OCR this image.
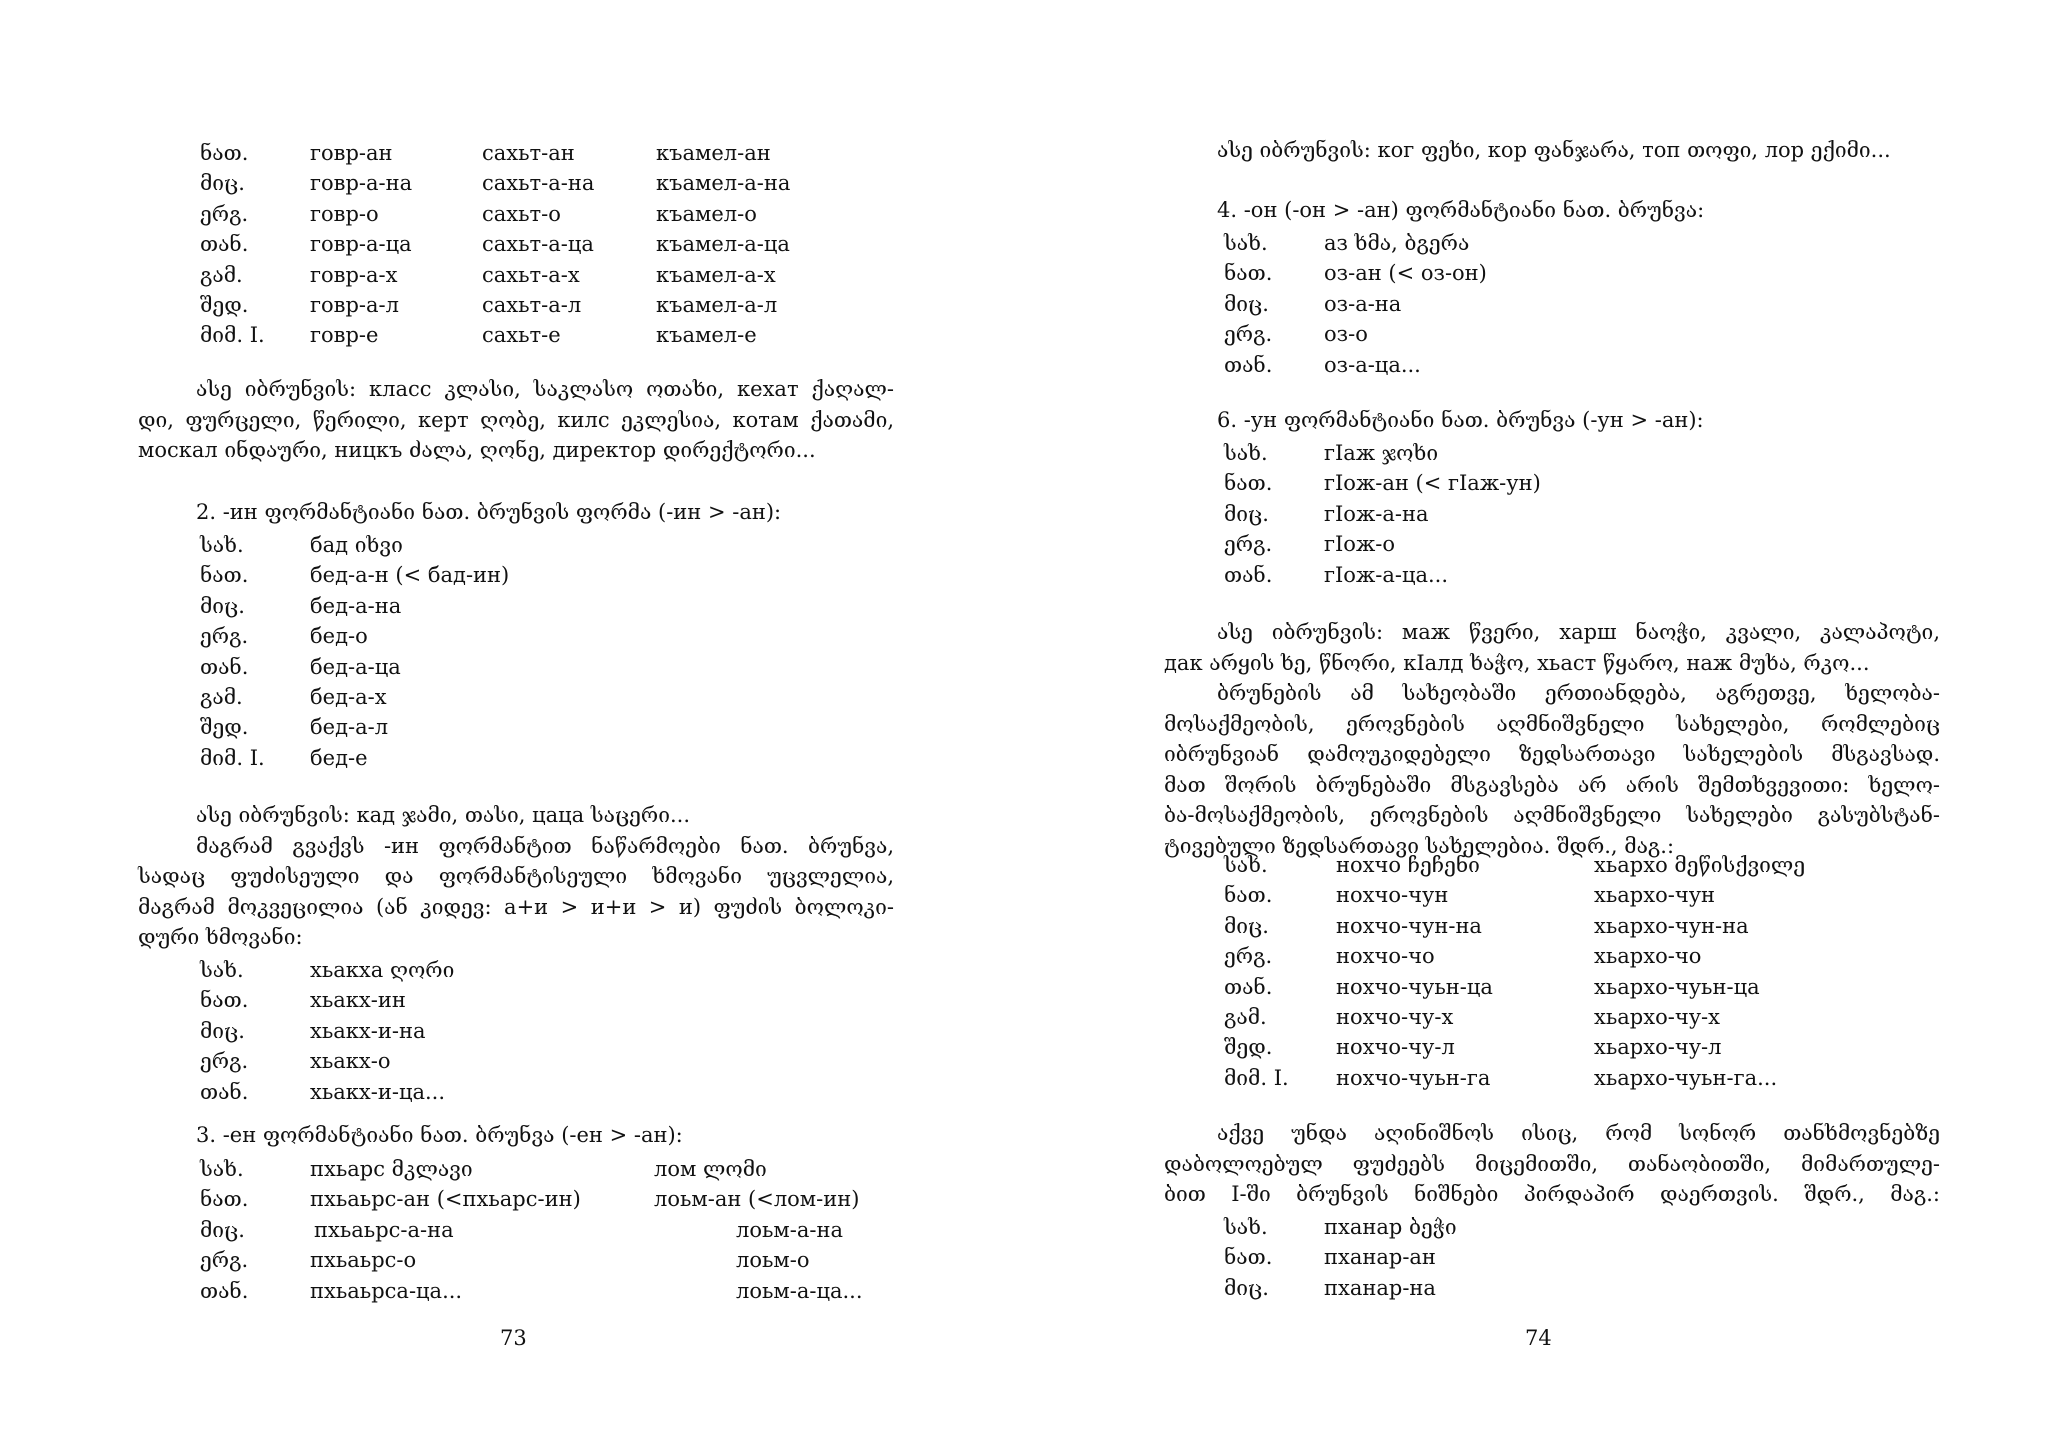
ნათ.	говр-ан	сахьт-ан	къамел-ан
მიც.	говр-а-на	сахьт-а-на	къамел-а-на
ერგ.	говр-о	сахьт-о	къамел-о
თან.	говр-а-ца	сахьт-а-ца	къамел-а-ца
გამ.	говр-а-х	сахьт-а-х	къамел-а-х
შედ.	говр-а-л	сахьт-а-л	къамел-а-л
მიმ. I. говр-е	сахьт-е	къамел-е
ასე იბრუნვის: класс კლასი, საკლასო ოთახი, кехат ქაღალ-
დი, ფურცელი, წერილი, керт ღობე, килс ეკლესია, котам ქათამი,
москал ინდაური, ницкъ ძალა, ღონე, директор დირექტორი...
2. -ин ფორმანტიანი ნათ. ბრუნვის ფორმა (-ин > -ан):
სახ.	бад იხვი
ნათ.	бед-а-н (< бад-ин)
მიც.	бед-а-на
ერგ.	бед-о
თან.	бед-а-ца
გამ.	бед-а-х
შედ.	бед-а-л
მიმ. I. бед-е
ასე იბრუნვის: кад ჯამი, თასი, цаца საცერი...
მაგრამ გვაქვს -ин ფორმანტით ნაწარმოები ნათ. ბრუნვა,
სადაც ფუძისეული და ფორმანტისეული ხმოვანი უცვლელია,
მაგრამ მოკვეცილია (ან კიდევ: а+и > и+и > и) ფუძის ბოლოკი-
დური ხმოვანი:
სახ.	хьакха ღორი
ნათ.	хьакх-ин
მიც.	хьакх-и-на
ერგ.	хьакх-о
თან.	хьакх-и-ца...
3. -ен ფორმანტიანი ნათ. ბრუნვა (-ен > -ан):
სახ.	пхьарс მკლავი	лом ლომი
ნათ.	пхьаьрс-ан (<пхьарс-ин)	лоьм-ан (<лом-ин)
მიც.	пхьаьрс-а-на	лоьм-а-на
ერგ.	пхьаьрс-о	лоьм-о
თან.	пхьаьрса-ца...	лоьм-а-ца...
73
ასე იბრუნვის: ког ფეხი, кор ფანჯარა, топ თოფი, лор ექიმი...
4. -он (-он > -ан) ფორმანტიანი ნათ. ბრუნვა:
სახ.	аз ხმა, ბგერა
ნათ. оз-ан (< оз-он)
მიც.	оз-а-на
ერგ. оз-о
თან. оз-а-ца...
6. -ун ფორმანტიანი ნათ. ბრუნვა (-ун > -ан):
სახ.	гІаж ჯოხი
ნათ. гІож-ан (< гІаж-ун)
მიც.	гІож-а-на
ერგ. гІож-о
თან. гІож-а-ца...
ასე იბრუნვის: маж წვერი, харш ნაოჭი, კვალი, კალაპოტი,
дак არყის ხე, წნორი, кІалд ხაჭო, хьаст წყარო, наж მუხა, რკო...
ბრუნების ამ სახეობაში ერთიანდება, აგრეთვე, ხელობა-
მოსაქმეობის, ეროვნების აღმნიშვნელი სახელები, რომლებიც
იბრუნვიან დამოუკიდებელი ზედსართავი სახელების მსგავსად.
მათ შორის ბრუნებაში მსგავსება არ არის შემთხვევითი: ხელო-
ბა-მოსაქმეობის, ეროვნების აღმნიშვნელი სახელები გასუბსტან-
ტივებული ზედსართავი სახელებია. შდრ., მაგ.:
სახ.	нохчо ჩეჩენი	хьархо მეწისქვილე
ნათ.	нохчо-чун	хьархо-чун
მიც.	нохчо-чун-на	хьархо-чун-на
ერგ.	нохчо-чо	хьархо-чо
თან.	нохчо-чуьн-ца	хьархо-чуьн-ца
გამ.	нохчо-чу-х	хьархо-чу-х
შედ.	нохчо-чу-л	хьархо-чу-л
მიმ. I. нохчо-чуьн-га	хьархо-чуьн-га...
აქვე უნდა აღინიშნოს ისიც, რომ სონორ თანხმოვნებზე
დაბოლოებულ ფუძეებს მიცემითში, თანაობითში, მიმართულე-
ბით I-ში ბრუნვის ნიშნები პირდაპირ დაერთვის. შდრ., მაგ.:
სახ.	пханар ბეჭი
ნათ. пханар-ан
მიც.	пханар-на
74
